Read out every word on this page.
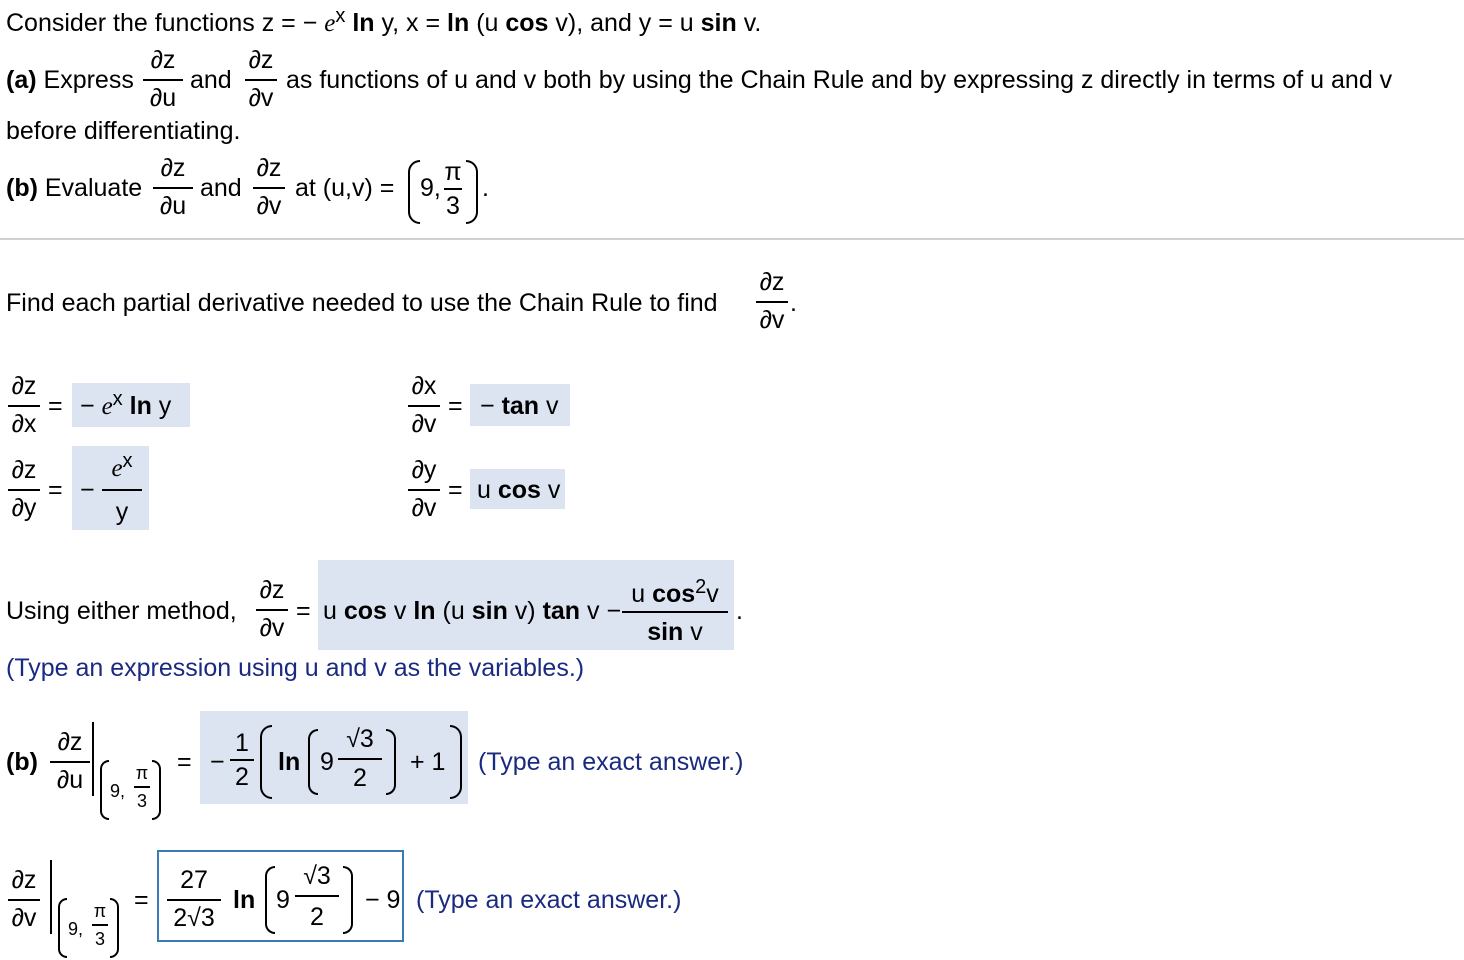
Consider the functions z = − $e^x$ ln y, x = ln (u cos v), and y = u sin v.
(a) Express
∂z
∂u
and
∂z
∂v
as functions of u and v both by using the Chain Rule and by expressing z directly in terms of u and v
before differentiating.
(b) Evaluate
∂z
∂u
and
∂z
∂v
at (u,v) = 9,
π
3
.
Find each partial derivative needed to use the Chain Rule to find
∂z
∂v
.
∂z
∂x
= − $e^x$ ln y
∂x
∂v
= − tan v
∂z
∂y
= −
$e^x$
y
∂y
∂v
= u cos v
Using either method,
∂z
∂v
= u cos v ln (u sin v) tan v −
u $\cos^2v$
sin v
.
(Type an expression using u and v as the variables.)
(b)
∂z
∂u	9,
π
3
= −
1
2
ln 9
√3
2
+ 1 (Type an exact answer.)
∂z
∂v 9,
π
3
=
27
2√3
ln 9
√3
2
− 9 (Type an exact answer.)
